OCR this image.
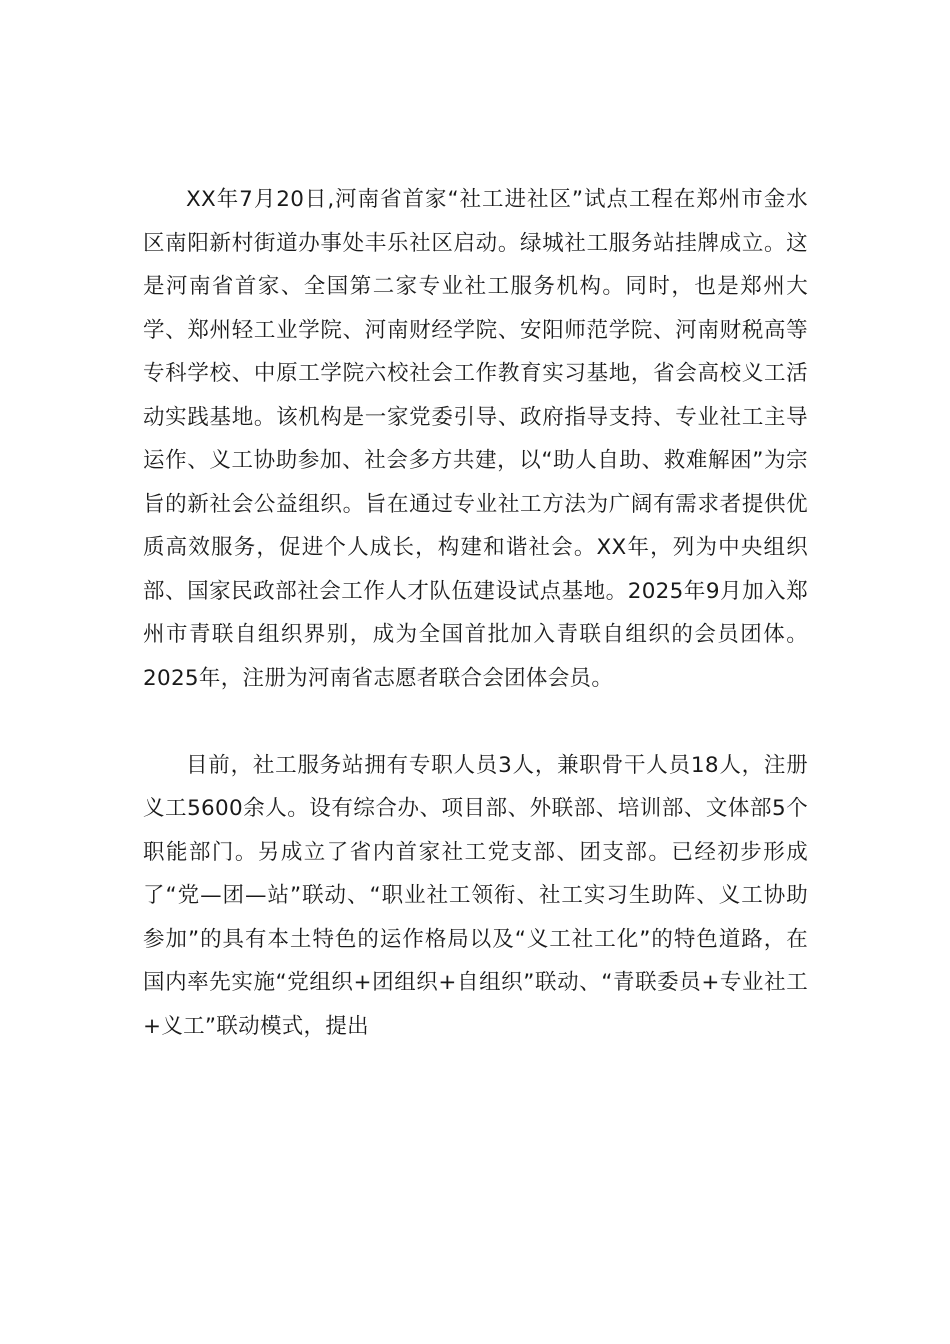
XX年7月20日,河南省首家“社工进社区”试点工程在郑州市金水区南阳新村街道办事处丰乐社区启动。绿城社工服务站挂牌成立。这是河南省首家、全国第二家专业社工服务机构。同时，也是郑州大学、郑州轻工业学院、河南财经学院、安阳师范学院、河南财税高等专科学校、中原工学院六校社会工作教育实习基地，省会高校义工活动实践基地。该机构是一家党委引导、政府指导支持、专业社工主导运作、义工协助参加、社会多方共建，以“助人自助、救难解困”为宗旨的新社会公益组织。旨在通过专业社工方法为广阔有需求者提供优质高效服务，促进个人成长，构建和谐社会。XX年，列为中央组织部、国家民政部社会工作人才队伍建设试点基地。2025年9月加入郑州市青联自组织界别，成为全国首批加入青联自组织的会员团体。2025年，注册为河南省志愿者联合会团体会员。

目前，社工服务站拥有专职人员3人，兼职骨干人员18人，注册义工5600余人。设有综合办、项目部、外联部、培训部、文体部5个职能部门。另成立了省内首家社工党支部、团支部。已经初步形成了“党—团—站”联动、“职业社工领衔、社工实习生助阵、义工协助参加”的具有本土特色的运作格局以及“义工社工化”的特色道路，在国内率先实施“党组织+团组织+自组织”联动、“青联委员+专业社工+义工”联动模式，提出
